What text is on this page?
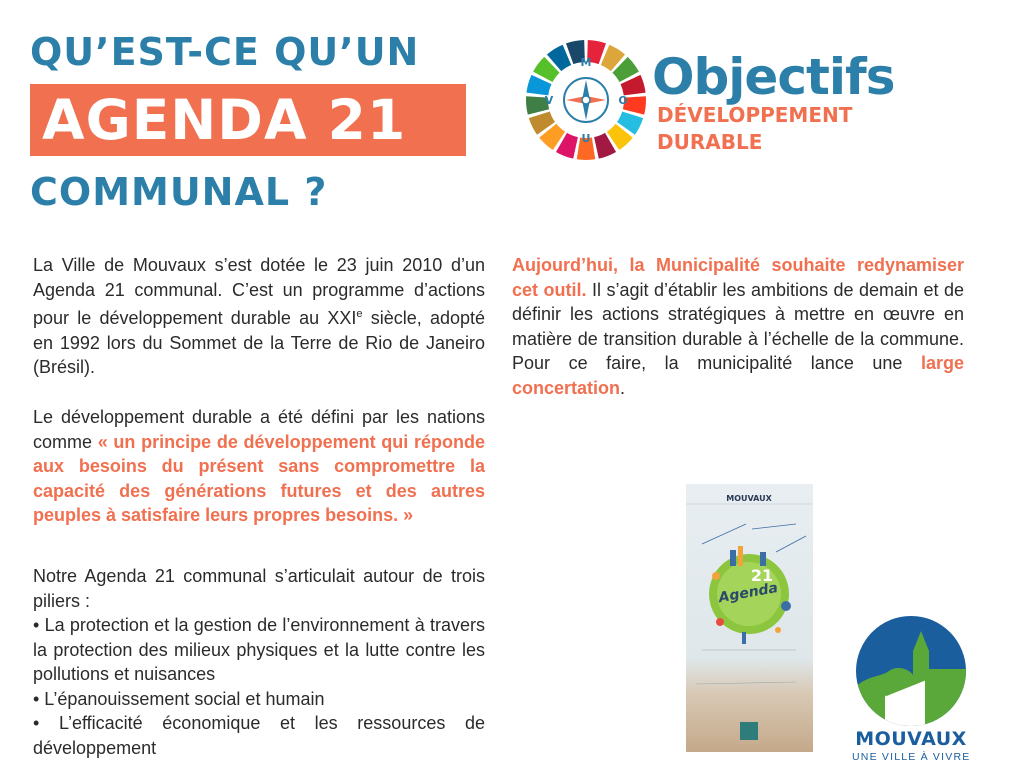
QU’EST-CE QU’UN
AGENDA 21
COMMUNAL ?
M
O
U
V Objectifs
DÉVELOPPEMENT
DURABLE
La Ville de Mouvaux s’est dotée le 23 juin 2010 d’un Agenda 21 communal. C’est un programme d’actions pour le développement durable au XXIe siècle, adopté en 1992 lors du Sommet de la Terre de Rio de Janeiro (Brésil).
Le développement durable a été défini par les nations comme « un principe de développement qui réponde aux besoins du présent sans compromettre la capacité des générations futures et des autres peuples à satisfaire leurs propres besoins. »
Notre Agenda 21 communal s’articulait autour de trois piliers :
• La protection et la gestion de l’environnement à travers la protection des milieux physiques et la lutte contre les pollutions et nuisances
• L’épanouissement social et humain
• L’efficacité économique et les ressources de développement
Aujourd’hui, la Municipalité souhaite redynamiser cet outil. Il s’agit d’établir les ambitions de demain et de définir les actions stratégiques à mettre en œuvre en matière de transition durable à l’échelle de la commune. Pour ce faire, la municipalité lance une large concertation.
MOUVAUX
Agenda
21
MOUVAUX
UNE VILLE À VIVRE
